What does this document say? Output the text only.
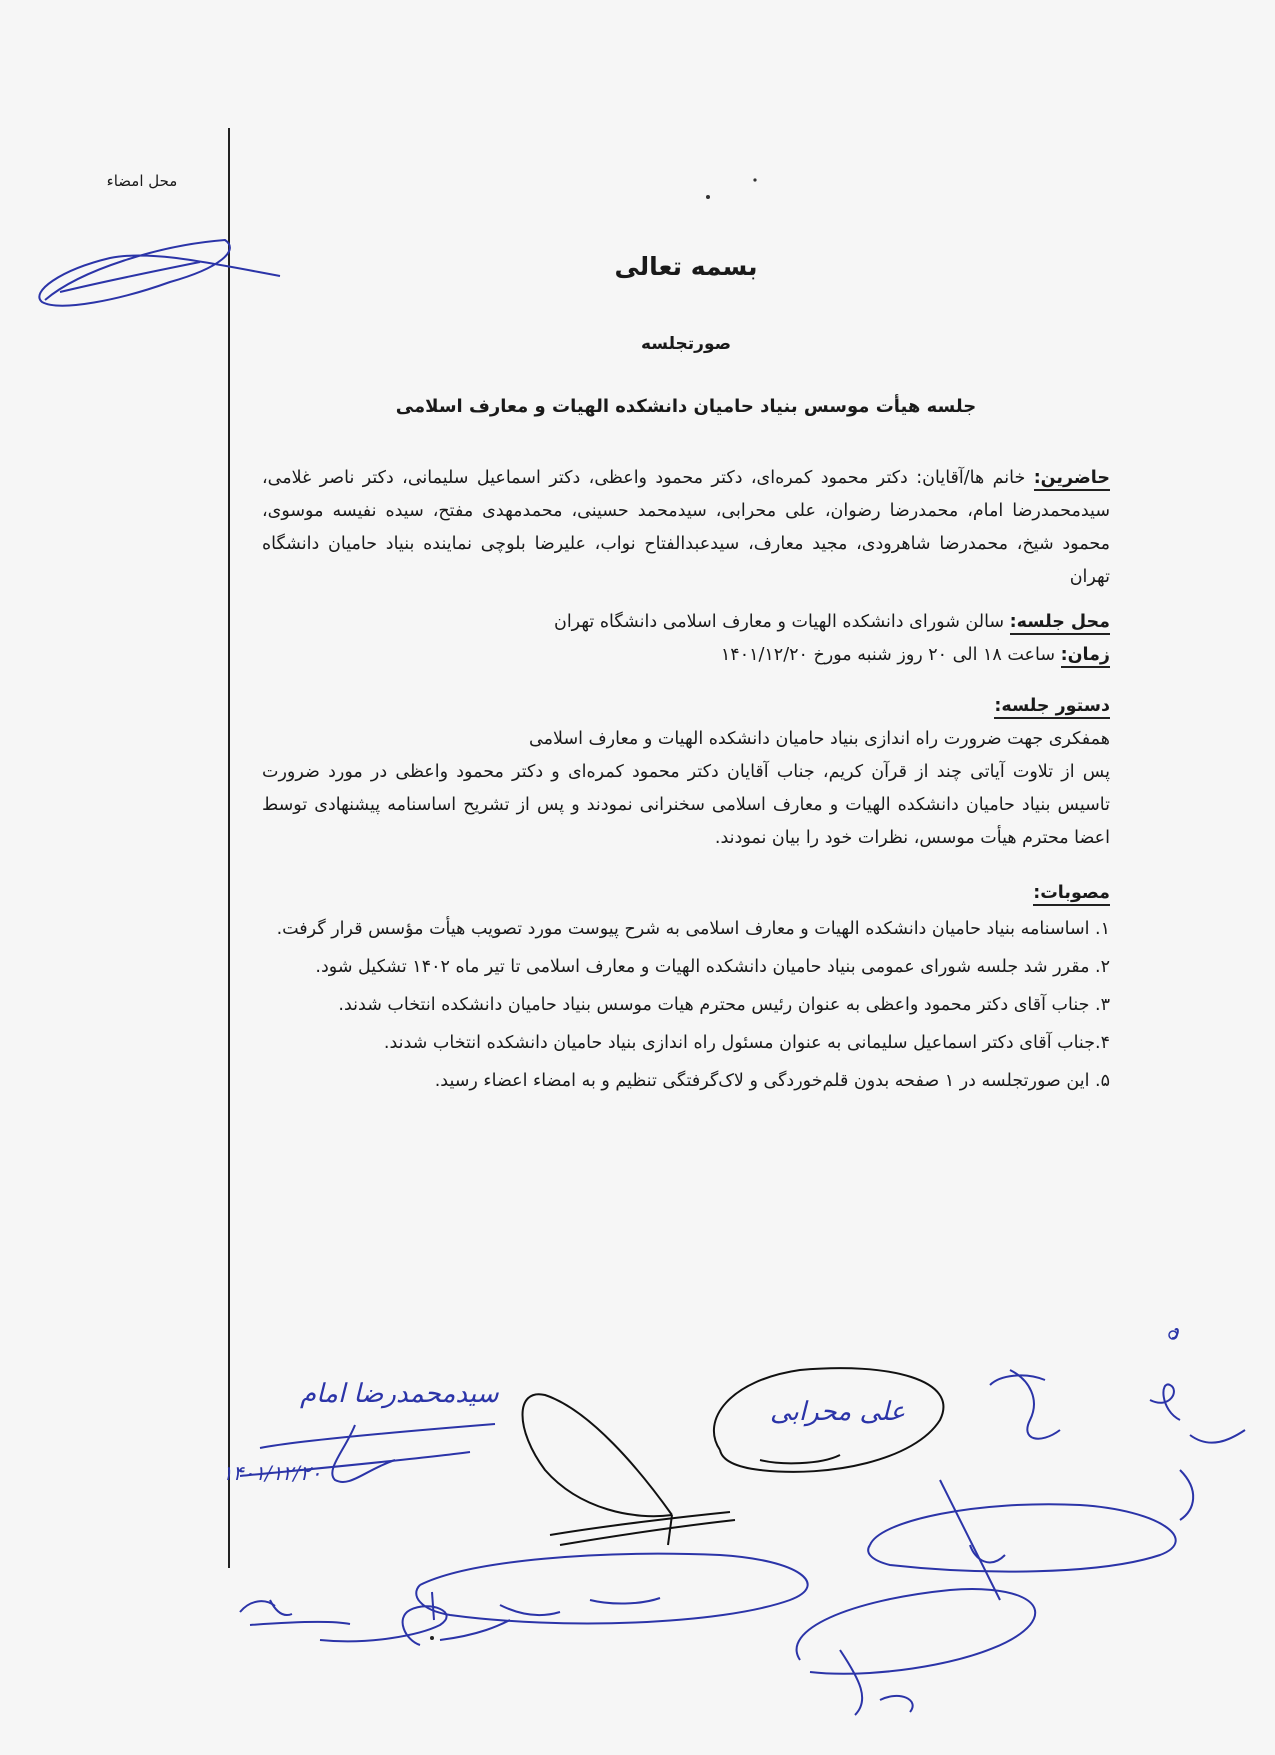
محل امضاء
بسمه تعالی
صورتجلسه
جلسه هیأت موسس بنیاد حامیان دانشکده الهیات و معارف اسلامی
حاضرین: خانم ها/آقایان: دکتر محمود کمره‌ای، دکتر محمود واعظی، دکتر اسماعیل سلیمانی، دکتر ناصر غلامی، سیدمحمدرضا امام، محمدرضا رضوان، علی محرابی، سیدمحمد حسینی، محمدمهدی مفتح، سیده نفیسه موسوی، محمود شیخ، محمدرضا شاهرودی، مجید معارف، سیدعبدالفتاح نواب، علیرضا بلوچی نماینده بنیاد حامیان دانشگاه تهران
محل جلسه: سالن شورای دانشکده الهیات و معارف اسلامی دانشگاه تهران
زمان: ساعت ۱۸ الی ۲۰ روز شنبه مورخ ۱۴۰۱/۱۲/۲۰
دستور جلسه:
همفکری جهت ضرورت راه اندازی بنیاد حامیان دانشکده الهیات و معارف اسلامی
پس از تلاوت آیاتی چند از قرآن کریم، جناب آقایان دکتر محمود کمره‌ای و دکتر محمود واعظی در مورد ضرورت تاسیس بنیاد حامیان دانشکده الهیات و معارف اسلامی سخنرانی نمودند و پس از تشریح اساسنامه پیشنهادی توسط اعضا محترم هیأت موسس، نظرات خود را بیان نمودند.
مصوبات:
۱. اساسنامه بنیاد حامیان دانشکده الهیات و معارف اسلامی به شرح پیوست مورد تصویب هیأت مؤسس قرار گرفت.
۲. مقرر شد جلسه شورای عمومی بنیاد حامیان دانشکده الهیات و معارف اسلامی تا تیر ماه ۱۴۰۲ تشکیل شود.
۳. جناب آقای دکتر محمود واعظی به عنوان رئیس محترم هیات موسس بنیاد حامیان دانشکده انتخاب شدند.
۴.جناب آقای دکتر اسماعیل سلیمانی به عنوان مسئول راه اندازی بنیاد حامیان دانشکده انتخاب شدند.
۵. این صورتجلسه در ۱ صفحه بدون قلم‌خوردگی و لاک‌گرفتگی تنظیم و به امضاء اعضاء رسید.
سیدمحمدرضا امام
۱۴۰۱/۱۲/۲۰
علی محرابی
